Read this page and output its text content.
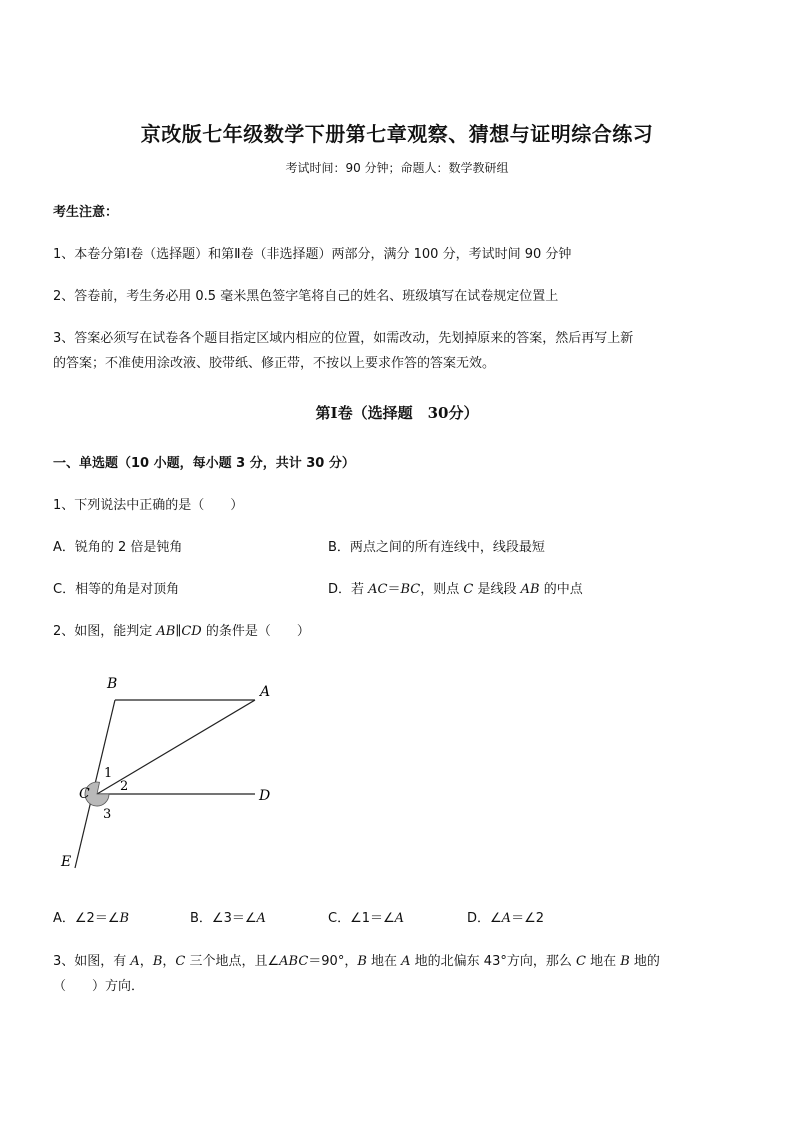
京改版七年级数学下册第七章观察、猜想与证明综合练习
考试时间：90 分钟；命题人：数学教研组
考生注意：
1、本卷分第Ⅰ卷（选择题）和第Ⅱ卷（非选择题）两部分，满分 100 分，考试时间 90 分钟
2、答卷前，考生务必用 0.5 毫米黑色签字笔将自己的姓名、班级填写在试卷规定位置上
3、答案必须写在试卷各个题目指定区域内相应的位置，如需改动，先划掉原来的答案，然后再写上新
的答案；不准使用涂改液、胶带纸、修正带，不按以上要求作答的答案无效。
第Ⅰ卷（选择题　30分）
一、单选题（10 小题，每小题 3 分，共计 30 分）
1、下列说法中正确的是（　　）
A．锐角的 2 倍是钝角	B．两点之间的所有连线中，线段最短
C．相等的角是对顶角	D．若 AC＝BC，则点 C 是线段 AB 的中点
2、如图，能判定 AB∥CD 的条件是（　　）
B	A
C	D
E
1
2
3
A．∠2＝∠B	B．∠3＝∠A	C．∠1＝∠A	D．∠A＝∠2
3、如图，有 A，B，C 三个地点，且∠ABC＝90°，B 地在 A 地的北偏东 43°方向，那么 C 地在 B 地的
（　　）方向．
